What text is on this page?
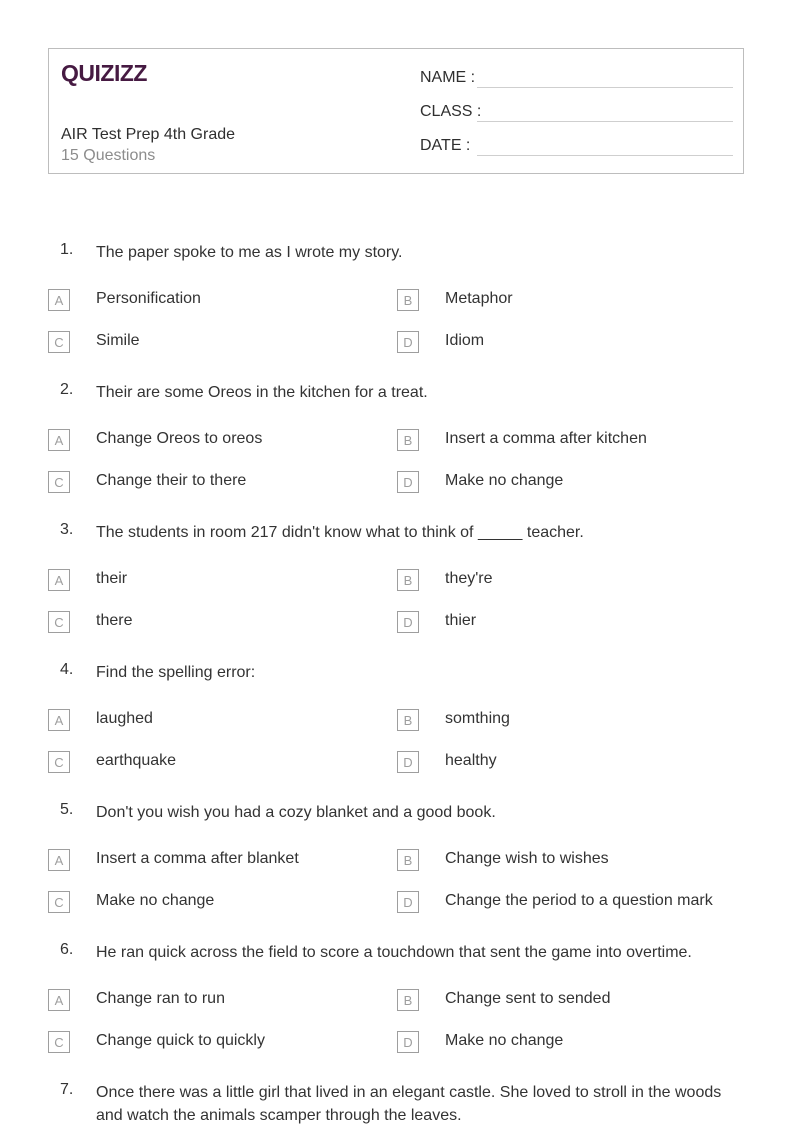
QUIZIZZ
AIR Test Prep 4th Grade
15 Questions
NAME :
CLASS :
DATE :
1. The paper spoke to me as I wrote my story.
A	Personification	B	Metaphor
C	Simile	D	Idiom
2. Their are some Oreos in the kitchen for a treat.
A	Change Oreos to oreos	B	Insert a comma after kitchen
C	Change their to there	D	Make no change
3. The students in room 217 didn't know what to think of _____ teacher.
A	their	B	they're
C	there	D	thier
4. Find the spelling error:
A	laughed	B	somthing
C	earthquake	D	healthy
5. Don't you wish you had a cozy blanket and a good book.
A	Insert a comma after blanket	B	Change wish to wishes
C	Make no change	D	Change the period to a question mark
6. He ran quick across the field to score a touchdown that sent the game into overtime.
A	Change ran to run	B	Change sent to sended
C	Change quick to quickly	D	Make no change
7. Once there was a little girl that lived in an elegant castle. She loved to stroll in the woods and watch the animals scamper through the leaves.
